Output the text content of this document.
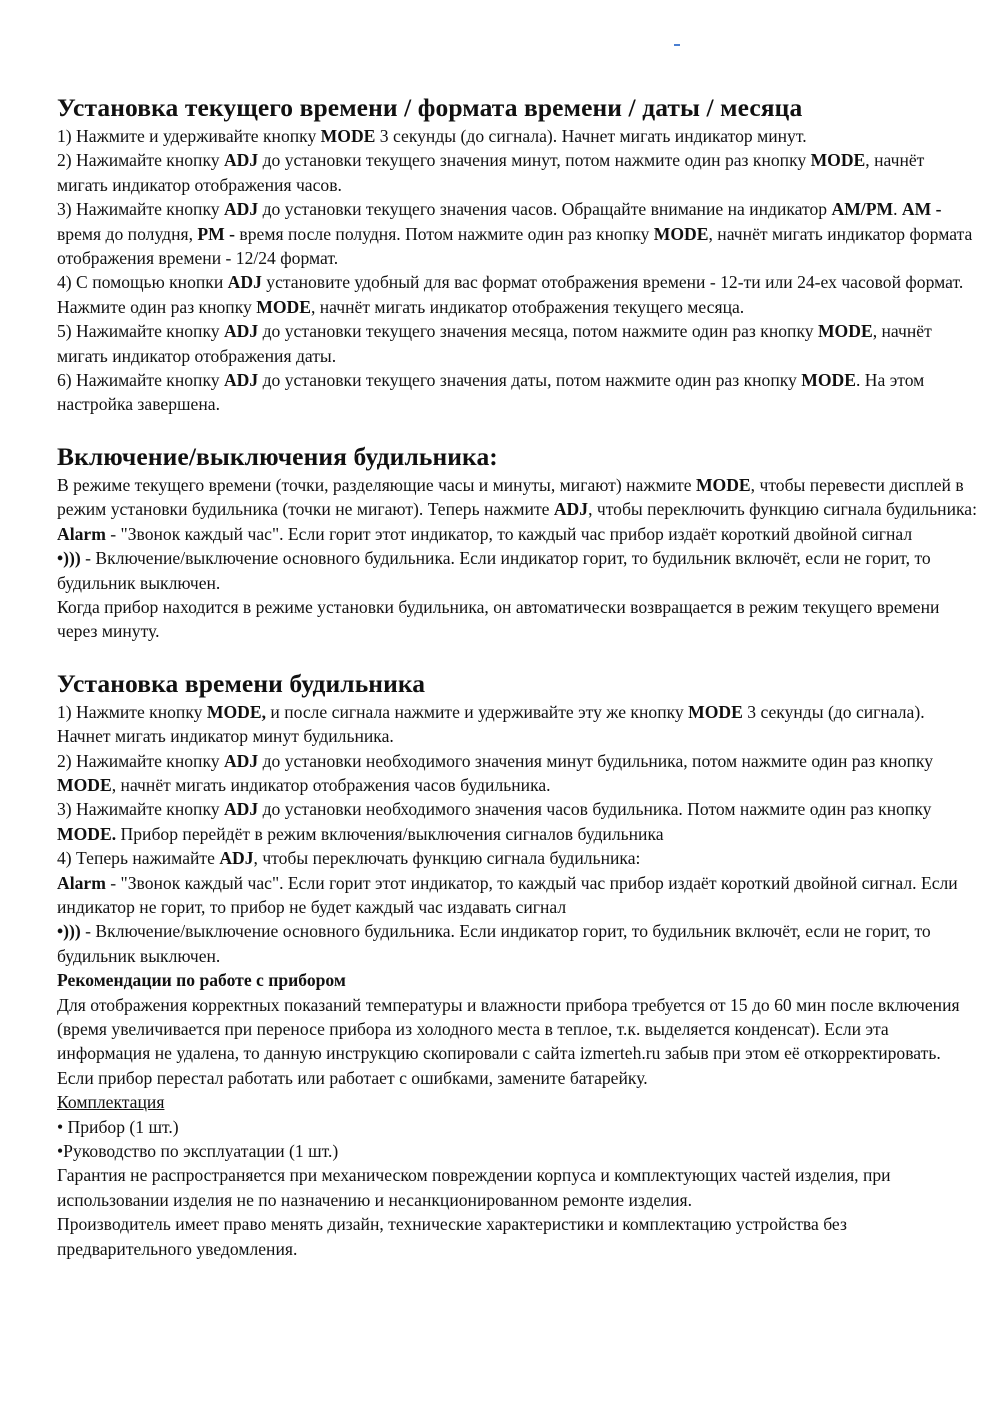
Установка текущего времени / формата времени / даты / месяца

1) Нажмите и удерживайте кнопку MODE 3 секунды (до сигнала). Начнет мигать индикатор минут.

2) Нажимайте кнопку ADJ до установки текущего значения минут, потом нажмите один раз кнопку MODE, начнёт мигать индикатор отображения часов.

3) Нажимайте кнопку ADJ до установки текущего значения часов. Обращайте внимание на индикатор AM/PM. AM - время до полудня, PM - время после полудня. Потом нажмите один раз кнопку MODE, начнёт мигать индикатор формата отображения времени - 12/24 формат.

4) С помощью кнопки ADJ установите удобный для вас формат отображения времени - 12-ти или 24-ех часовой формат. Нажмите один раз кнопку MODE, начнёт мигать индикатор отображения текущего месяца.

5) Нажимайте кнопку ADJ до установки текущего значения месяца, потом нажмите один раз кнопку MODE, начнёт мигать индикатор отображения даты.

6) Нажимайте кнопку ADJ до установки текущего значения даты, потом нажмите один раз кнопку MODE. На этом настройка завершена.

Включение/выключения будильника:

В режиме текущего времени (точки, разделяющие часы и минуты, мигают) нажмите MODE, чтобы перевести дисплей в режим установки будильника (точки не мигают). Теперь нажмите ADJ, чтобы переключить функцию сигнала будильника:

Alarm - "Звонок каждый час". Если горит этот индикатор, то каждый час прибор издаёт короткий двойной сигнал

•))) - Включение/выключение основного будильника. Если индикатор горит, то будильник включёт, если не горит, то будильник выключен.

Когда прибор находится в режиме установки будильника, он автоматически возвращается в режим текущего времени через минуту.

Установка времени будильника

1) Нажмите кнопку MODE, и после сигнала нажмите и удерживайте эту же кнопку MODE 3 секунды (до сигнала). Начнет мигать индикатор минут будильника.

2) Нажимайте кнопку ADJ до установки необходимого значения минут будильника, потом нажмите один раз кнопку MODE, начнёт мигать индикатор отображения часов будильника.

3) Нажимайте кнопку ADJ до установки необходимого значения часов будильника. Потом нажмите один раз кнопку MODE. Прибор перейдёт в режим включения/выключения сигналов будильника

4) Теперь нажимайте ADJ, чтобы переключать функцию сигнала будильника:

Alarm - "Звонок каждый час". Если горит этот индикатор, то каждый час прибор издаёт короткий двойной сигнал. Если индикатор не горит, то прибор не будет каждый час издавать сигнал

•))) - Включение/выключение основного будильника. Если индикатор горит, то будильник включёт, если не горит, то будильник выключен.

Рекомендации по работе с прибором

Для отображения корректных показаний температуры и влажности прибора требуется от 15 до 60 мин после включения (время увеличивается при переносе прибора из холодного места в теплое, т.к. выделяется конденсат). Если эта информация не удалена, то данную инструкцию скопировали с сайта izmerteh.ru забыв при этом её откорректировать.

Если прибор перестал работать или работает с ошибками, замените батарейку.

Комплектация

• Прибор (1 шт.)

•Руководство по эксплуатации (1 шт.)

Гарантия не распространяется при механическом повреждении корпуса и комплектующих частей изделия, при использовании изделия не по назначению и несанкционированном ремонте изделия.

Производитель имеет право менять дизайн, технические характеристики и комплектацию устройства без предварительного уведомления.
